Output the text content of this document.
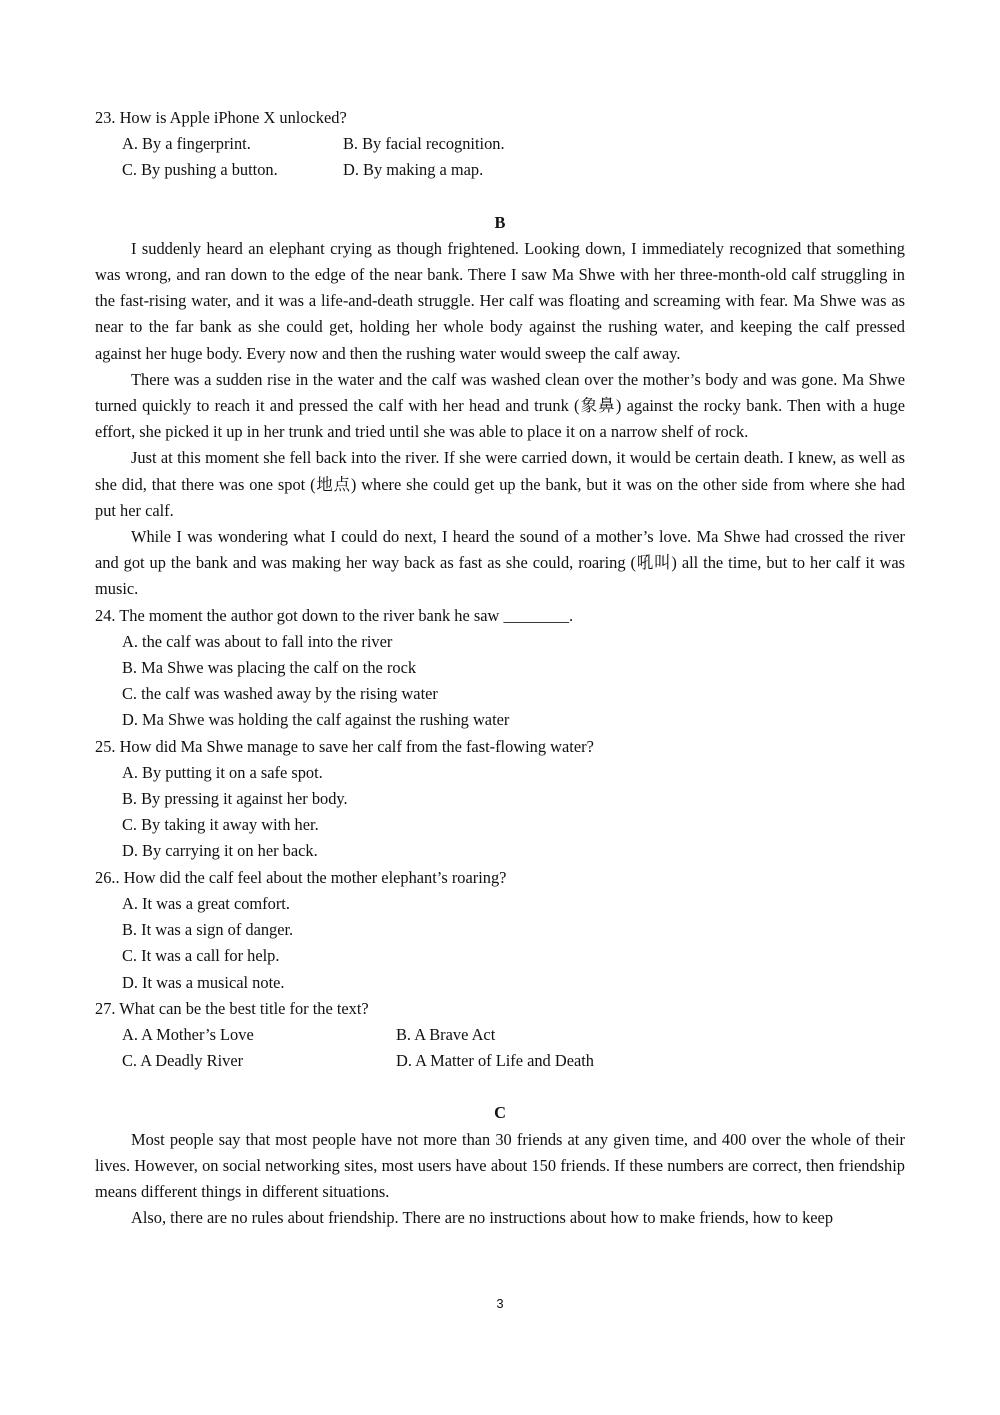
23. How is Apple iPhone X unlocked?

A. By a fingerprint.	B. By facial recognition.
C. By pushing a button.	D. By making a map.

B

I suddenly heard an elephant crying as though frightened. Looking down, I immediately recognized that something was wrong, and ran down to the edge of the near bank. There I saw Ma Shwe with her three-month-old calf struggling in the fast-rising water, and it was a life-and-death struggle. Her calf was floating and screaming with fear. Ma Shwe was as near to the far bank as she could get, holding her whole body against the rushing water, and keeping the calf pressed against her huge body. Every now and then the rushing water would sweep the calf away.

There was a sudden rise in the water and the calf was washed clean over the mother’s body and was gone. Ma Shwe turned quickly to reach it and pressed the calf with her head and trunk (象鼻) against the rocky bank. Then with a huge effort, she picked it up in her trunk and tried until she was able to place it on a narrow shelf of rock.

Just at this moment she fell back into the river. If she were carried down, it would be certain death. I knew, as well as she did, that there was one spot (地点) where she could get up the bank, but it was on the other side from where she had put her calf.

While I was wondering what I could do next, I heard the sound of a mother’s love. Ma Shwe had crossed the river and got up the bank and was making her way back as fast as she could, roaring (吼叫) all the time, but to her calf it was music.

24. The moment the author got down to the river bank he saw ________.

A. the calf was about to fall into the river

B. Ma Shwe was placing the calf on the rock

C. the calf was washed away by the rising water

D. Ma Shwe was holding the calf against the rushing water

25. How did Ma Shwe manage to save her calf from the fast-flowing water?

A. By putting it on a safe spot.

B. By pressing it against her body.

C. By taking it away with her.

D. By carrying it on her back.

26.. How did the calf feel about the mother elephant’s roaring?

A. It was a great comfort.

B. It was a sign of danger.

C. It was a call for help.

D. It was a musical note.

27. What can be the best title for the text?

A. A Mother’s Love	B. A Brave Act
C. A Deadly River	D. A Matter of Life and Death

C

Most people say that most people have not more than 30 friends at any given time, and 400 over the whole of their lives. However, on social networking sites, most users have about 150 friends. If these numbers are correct, then friendship means different things in different situations.

Also, there are no rules about friendship. There are no instructions about how to make friends, how to keep

3
